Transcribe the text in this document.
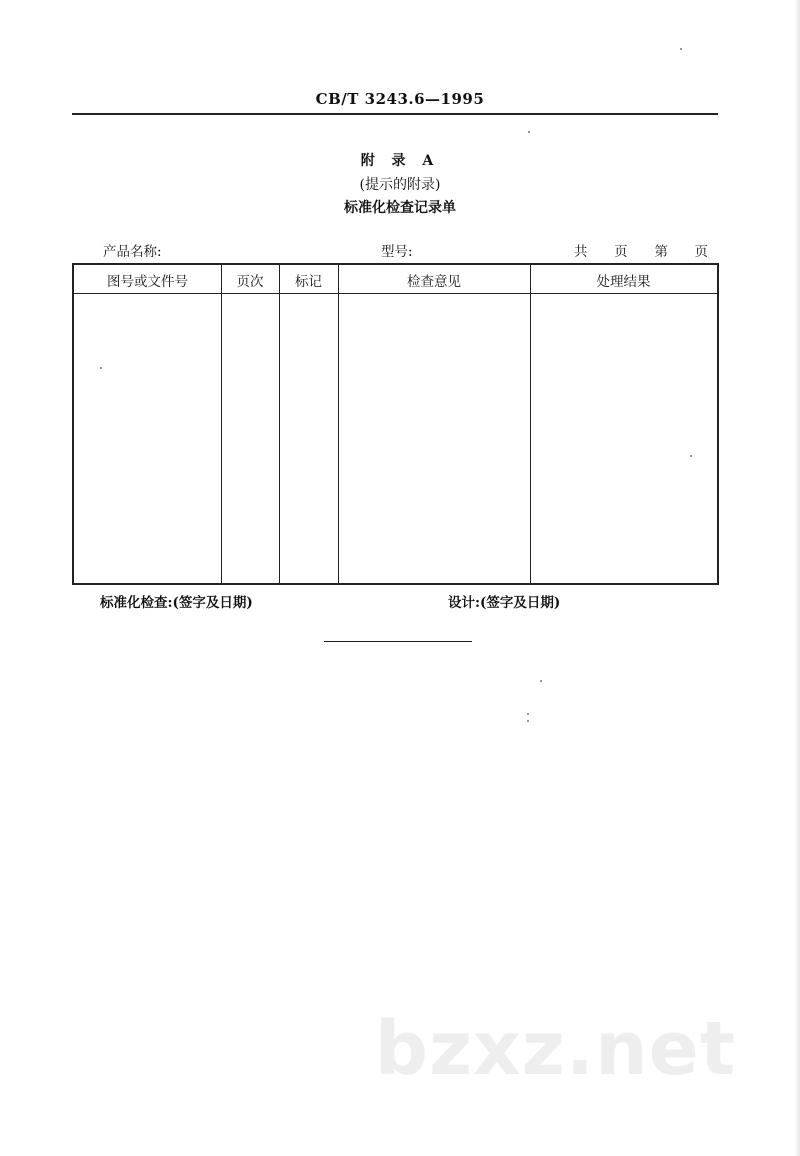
CB/T 3243.6—1995
附 录 A
(提示的附录)
标准化检查记录单
产品名称:	型号:	共 页 第 页
图号或文件号	页次	标记	检查意见	处理结果
标准化检查:(签字及日期)	设计:(签字及日期)
bzxz.net
